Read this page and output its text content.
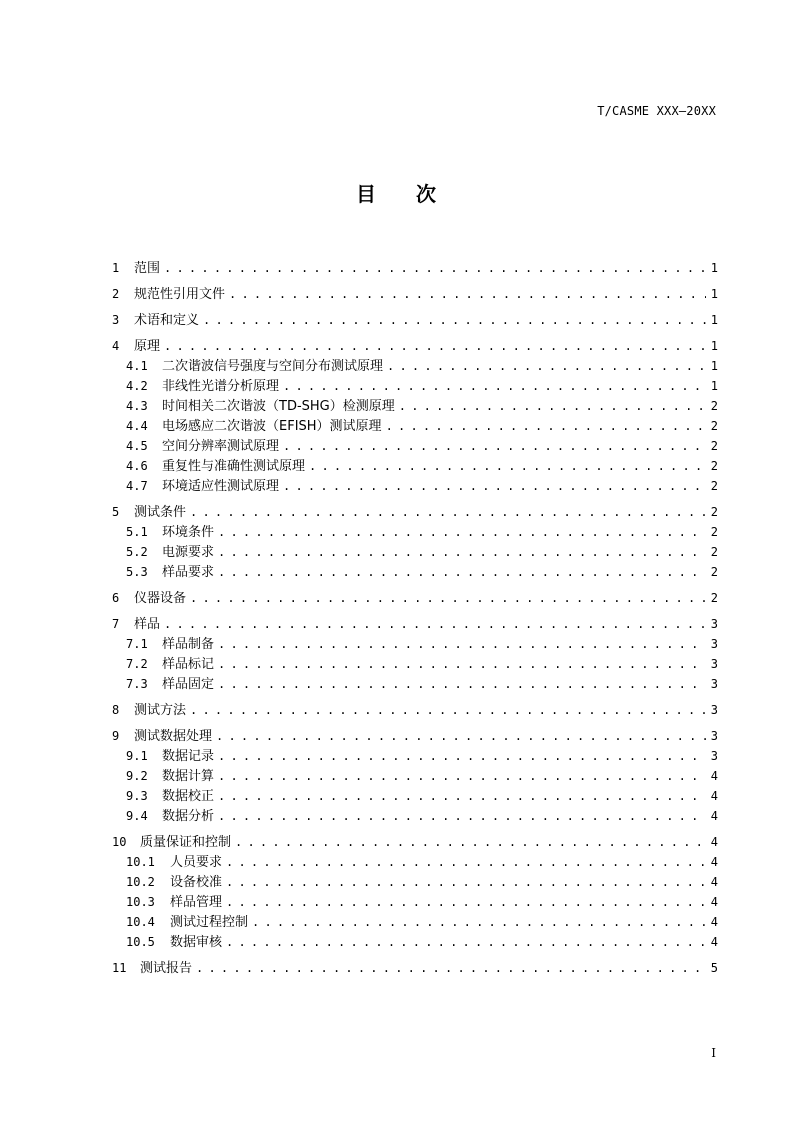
T/CASME XXX—20XX
目 次
1	范围 . . .	1
2	规范性引用文件 . . .	1
3	术语和定义 . . .	1
4	原理 . . .	1
4.1	二次谐波信号强度与空间分布测试原理 . . .	1
4.2	非线性光谱分析原理 . . .	1
4.3	时间相关二次谐波（TD-SHG）检测原理 . . .	2
4.4	电场感应二次谐波（EFISH）测试原理 . . .	2
4.5	空间分辨率测试原理 . . .	2
4.6	重复性与准确性测试原理 . . .	2
4.7	环境适应性测试原理 . . .	2
5	测试条件 . . .	2
5.1	环境条件 . . .	2
5.2	电源要求 . . .	2
5.3	样品要求 . . .	2
6	仪器设备 . . .	2
7	样品 . . .	3
7.1	样品制备 . . .	3
7.2	样品标记 . . .	3
7.3	样品固定 . . .	3
8	测试方法 . . .	3
9	测试数据处理 . . .	3
9.1	数据记录 . . .	3
9.2	数据计算 . . .	4
9.3	数据校正 . . .	4
9.4	数据分析 . . .	4
10	质量保证和控制 . . .	4
10.1	人员要求 . . .	4
10.2	设备校准 . . .	4
10.3	样品管理 . . .	4
10.4	测试过程控制 . . .	4
10.5	数据审核 . . .	4
11	测试报告 . . .	5
I
